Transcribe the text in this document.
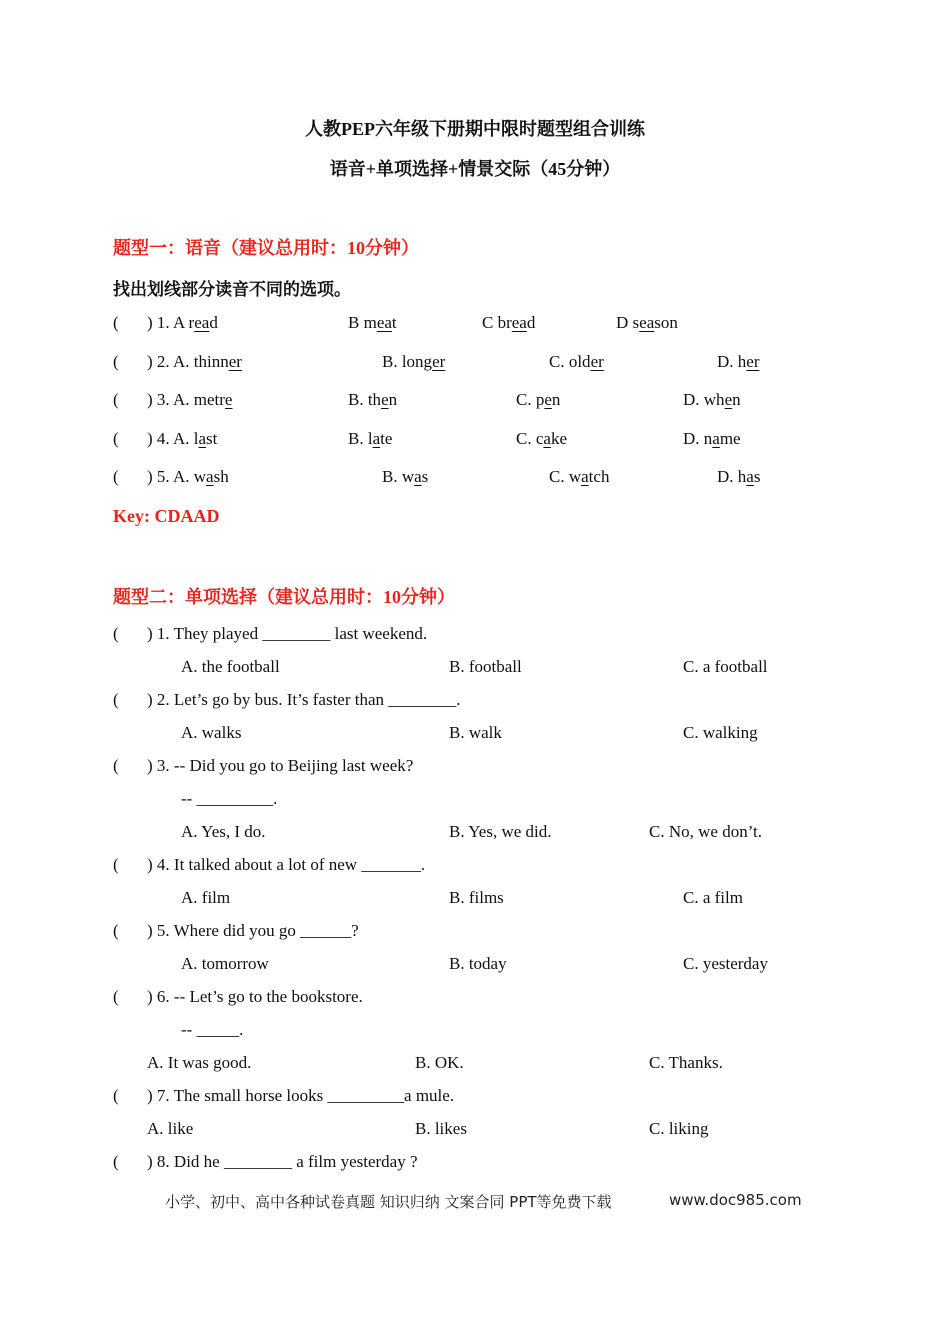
人教PEP六年级下册期中限时题型组合训练
语音+单项选择+情景交际（45分钟）
题型一：语音（建议总用时：10分钟）
找出划线部分读音不同的选项。
( ) 1. A read	B meat	C bread	D season
( ) 2. A. thinner	B. longer	C. older	D. her
( ) 3. A. metre	B. then	C. pen	D. when
( ) 4. A. last	B. late	C. cake	D. name
( ) 5. A. wash	B. was	C. watch	D. has
Key: CDAAD
题型二：单项选择（建议总用时：10分钟）
( ) 1. They played ________ last weekend.
A. the football	B. football	C. a football
( ) 2. Let’s go by bus. It’s faster than ________.
A. walks	B. walk	C. walking
( ) 3. -- Did you go to Beijing last week?
-- _________.
A. Yes, I do.	B. Yes, we did.	C. No, we don’t.
( ) 4. It talked about a lot of new _______.
A. film	B. films	C. a film
( ) 5. Where did you go ______?
A. tomorrow	B. today	C. yesterday
( ) 6. -- Let’s go to the bookstore.
-- _____.
A. It was good.	B. OK.	C. Thanks.
( ) 7. The small horse looks _________a mule.
A. like	B. likes	C. liking
( ) 8. Did he ________ a film yesterday ?
小学、初中、高中各种试卷真题 知识归纳 文案合同 PPT等免费下载	www.doc985.com
